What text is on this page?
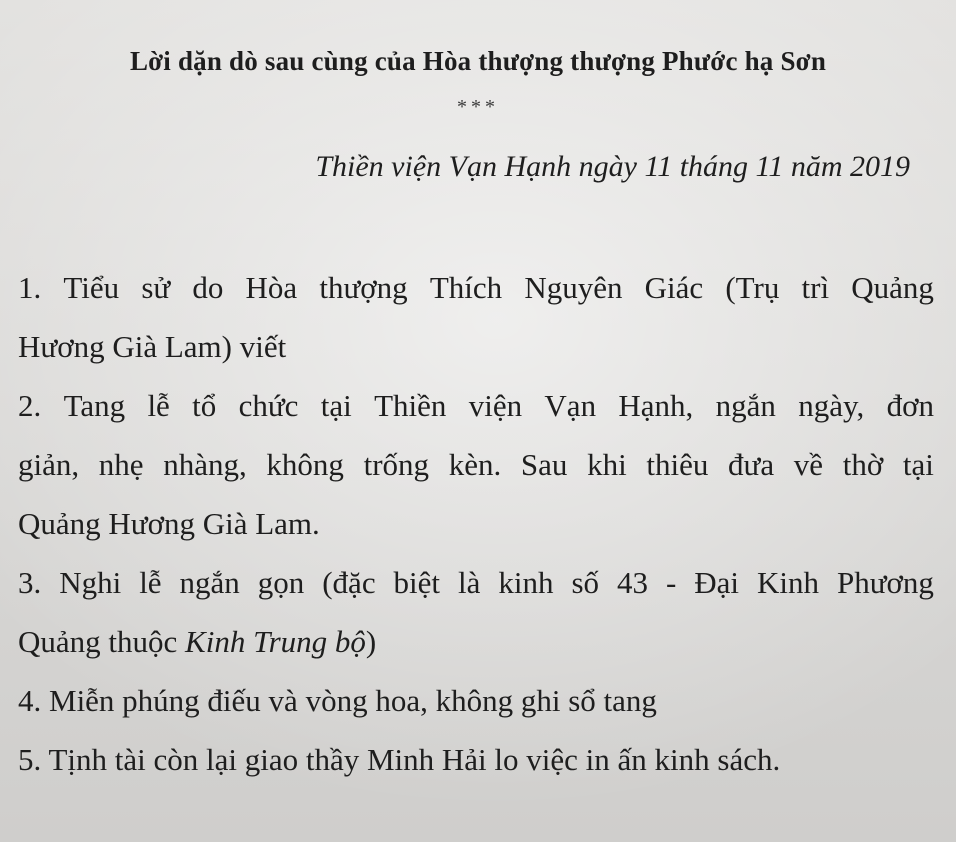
Lời dặn dò sau cùng của Hòa thượng thượng Phước hạ Sơn
***
Thiền viện Vạn Hạnh ngày 11 tháng 11 năm 2019
1. Tiểu sử do Hòa thượng Thích Nguyên Giác (Trụ trì Quảng
Hương Già Lam) viết
2. Tang lễ tổ chức tại Thiền viện Vạn Hạnh, ngắn ngày, đơn
giản, nhẹ nhàng, không trống kèn. Sau khi thiêu đưa về thờ tại
Quảng Hương Già Lam.
3. Nghi lễ ngắn gọn (đặc biệt là kinh số 43 - Đại Kinh Phương
Quảng thuộc Kinh Trung bộ)
4. Miễn phúng điếu và vòng hoa, không ghi sổ tang
5. Tịnh tài còn lại giao thầy Minh Hải lo việc in ấn kinh sách.
